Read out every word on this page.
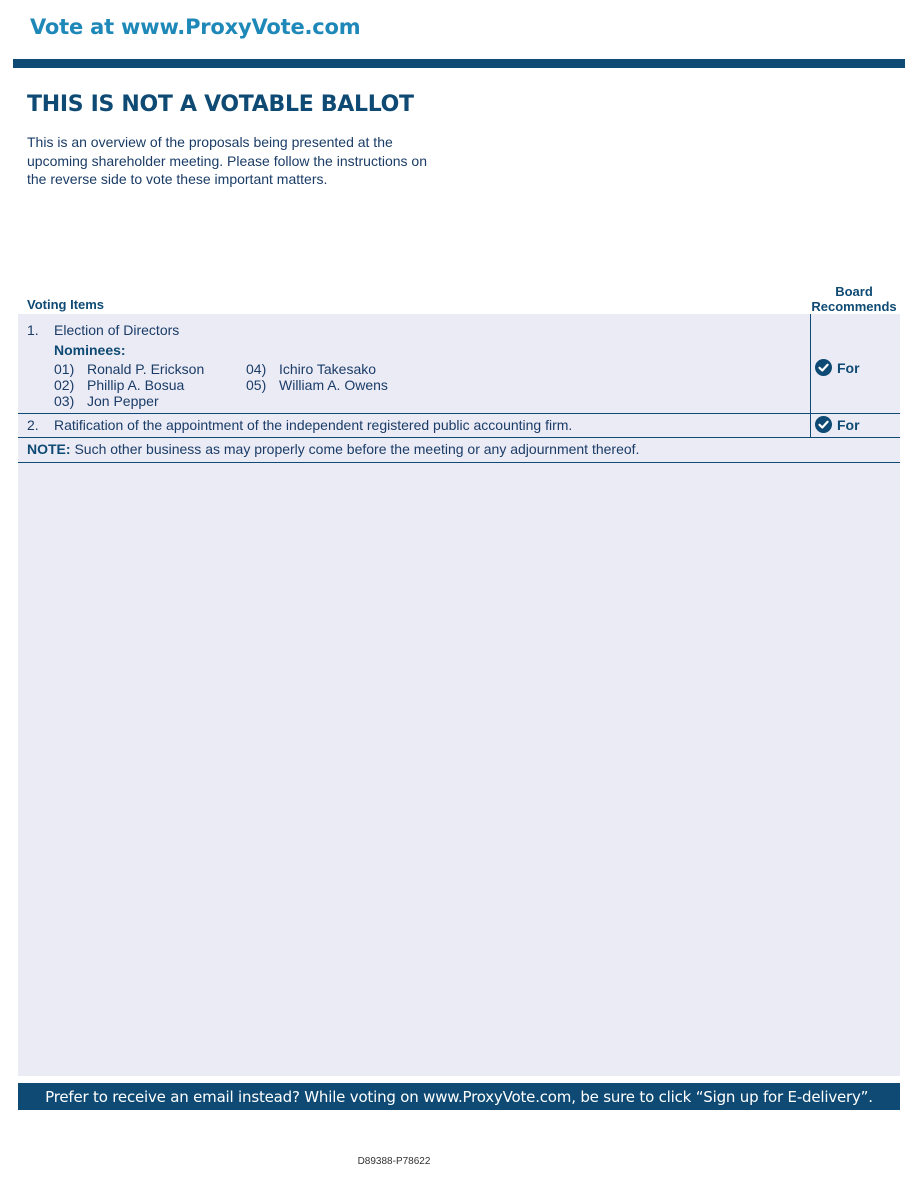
Vote at www.ProxyVote.com
THIS IS NOT A VOTABLE BALLOT
This is an overview of the proposals being presented at the
upcoming shareholder meeting. Please follow the instructions on
the reverse side to vote these important matters.
Voting Items
Board
Recommends
1. Election of Directors
Nominees:
01) Ronald P. Erickson
02) Phillip A. Bosua
03) Jon Pepper
04) Ichiro Takesako
05) William A. Owens
For
2. Ratification of the appointment of the independent registered public accounting firm.	For
NOTE: Such other business as may properly come before the meeting or any adjournment thereof.
Prefer to receive an email instead? While voting on www.ProxyVote.com, be sure to click “Sign up for E-delivery”.
D89388-P78622
